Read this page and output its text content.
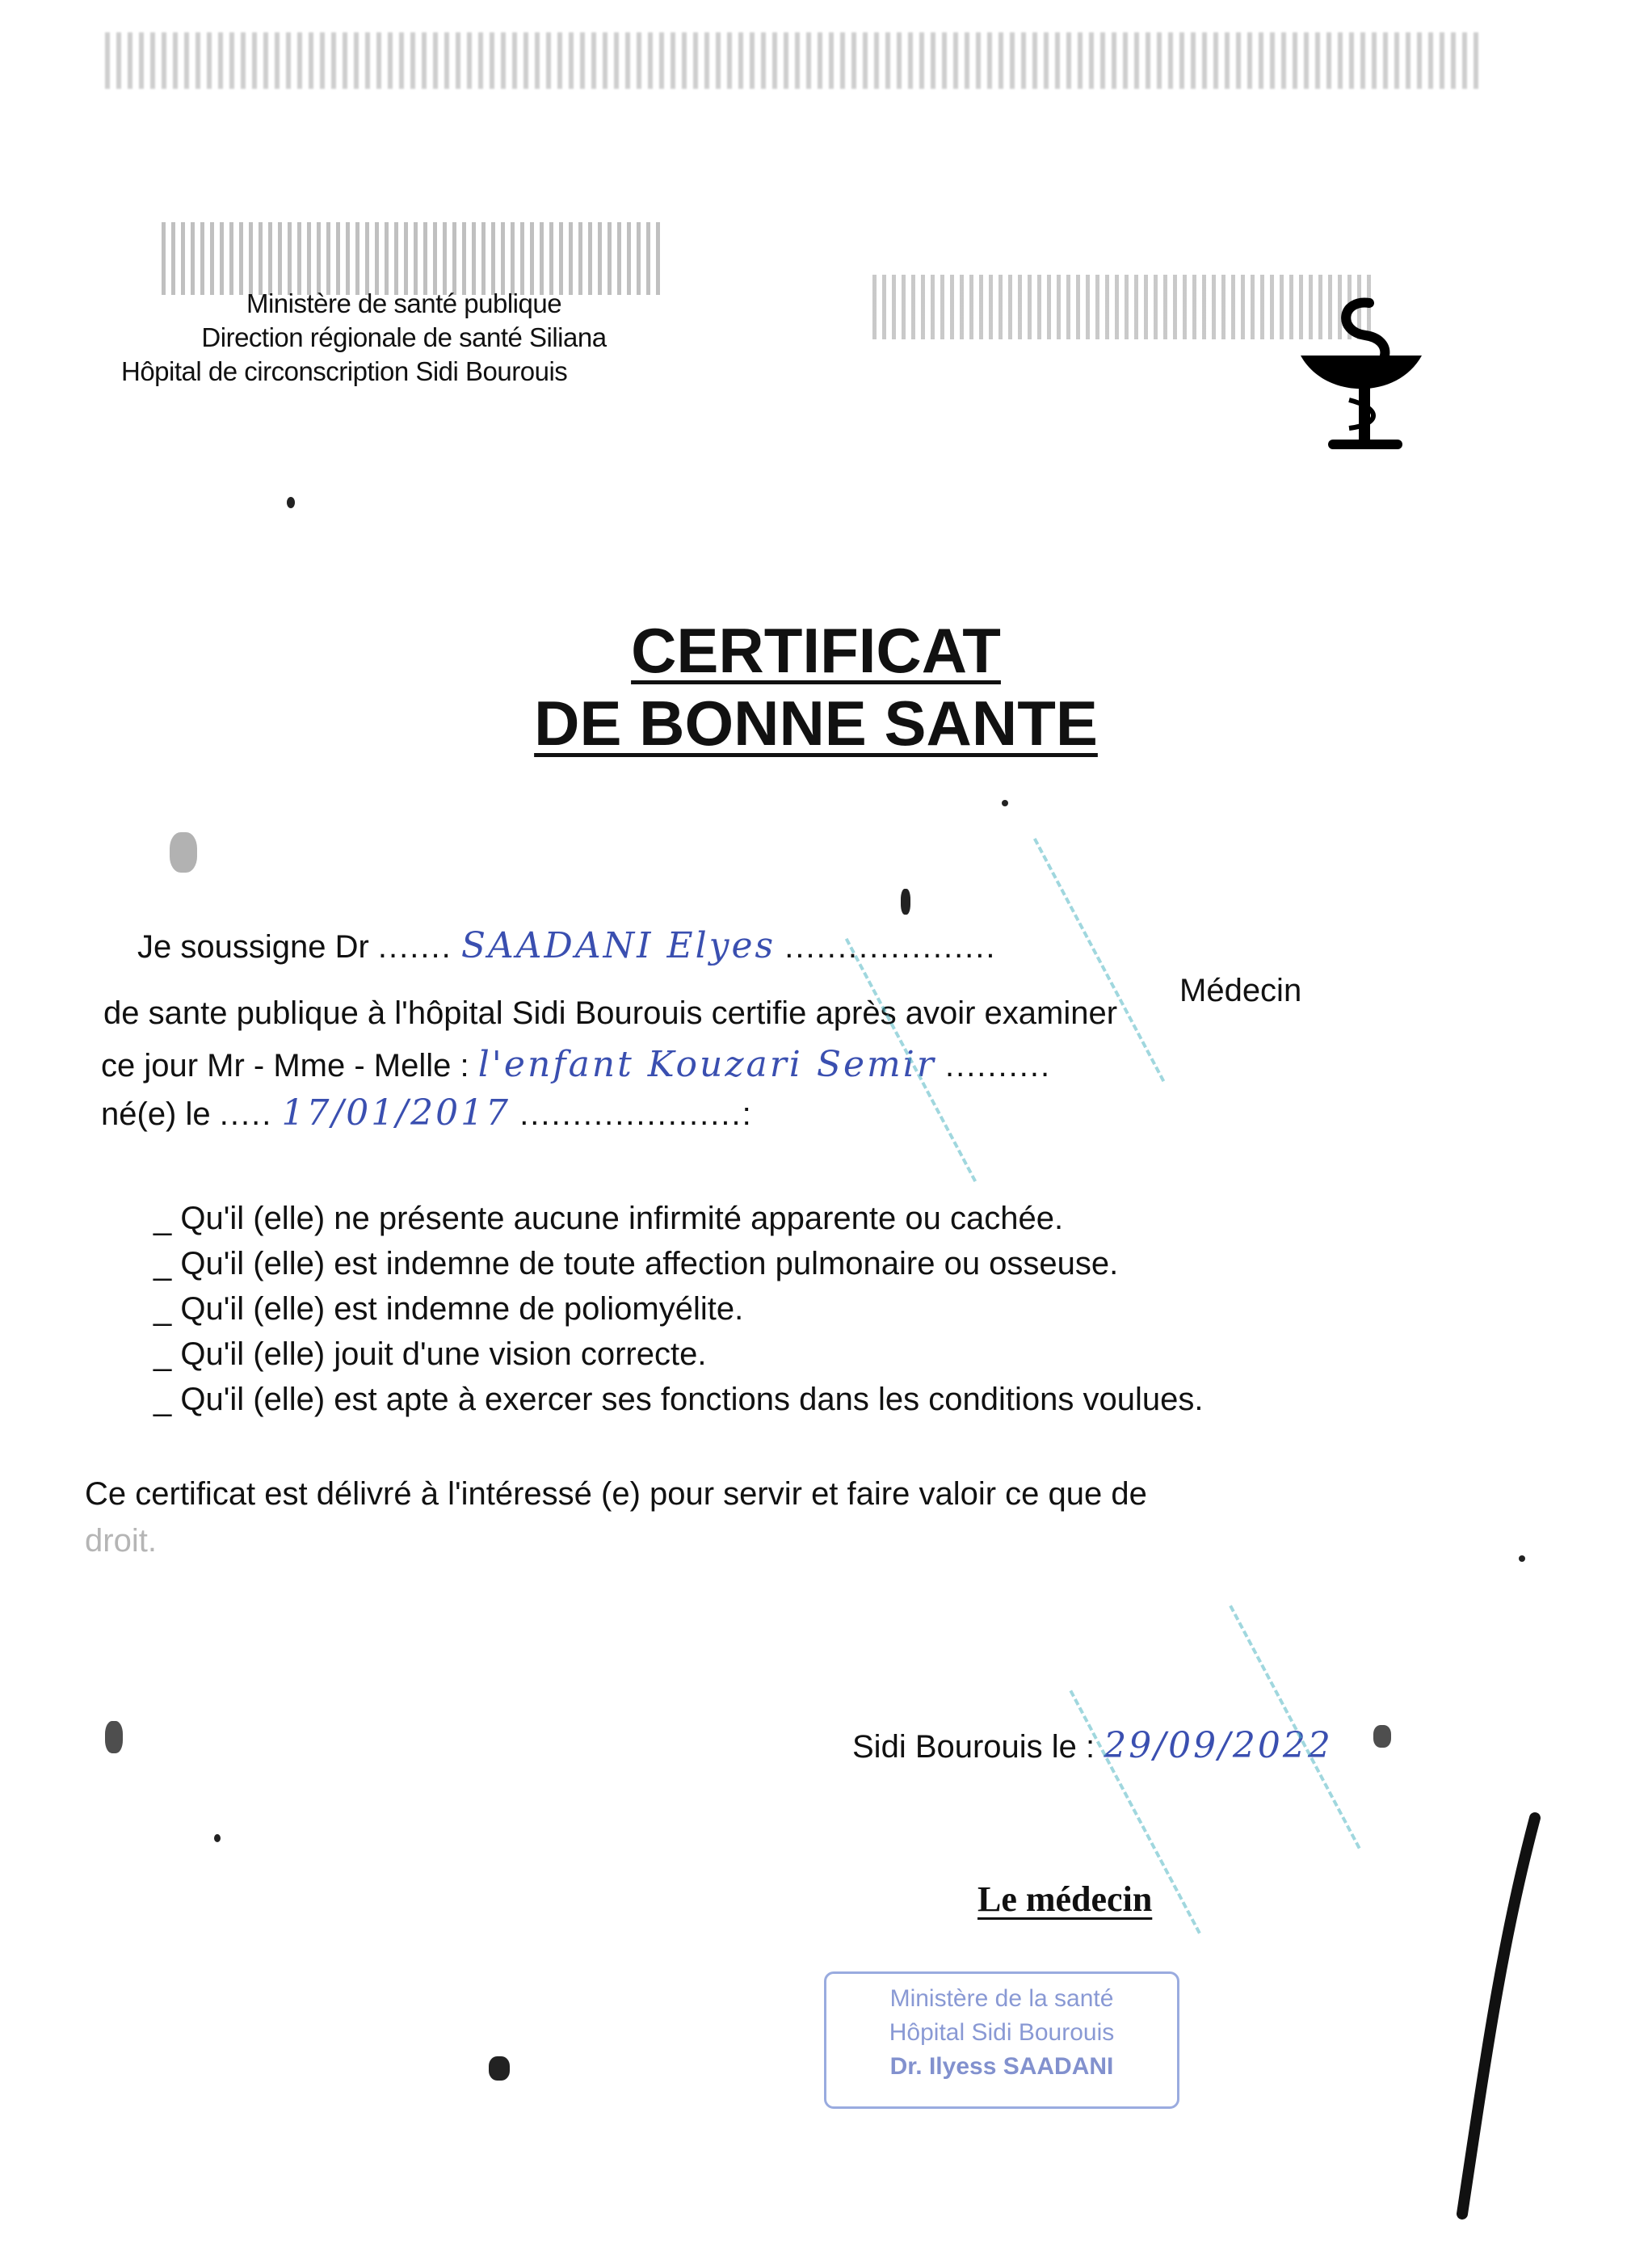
Ministère de santé publique
Direction régionale de santé Siliana
Hôpital de circonscription Sidi Bourouis
CERTIFICAT
DE BONNE SANTE
Je soussigne Dr ....... SAADANI Elyes ....................
Médecin
de sante publique à l'hôpital Sidi Bourouis certifie après avoir examiner
ce jour Mr - Mme - Melle : l'enfant Kouzari Semir ..........
né(e) le ..... 17/01/2017 .....................:
_ Qu'il (elle) ne présente aucune infirmité apparente ou cachée.
_ Qu'il (elle) est indemne de toute affection pulmonaire ou osseuse.
_ Qu'il (elle) est indemne de poliomyélite.
_ Qu'il (elle) jouit d'une vision correcte.
_ Qu'il (elle) est apte à exercer ses fonctions dans les conditions voulues.
Ce certificat est délivré à l'intéressé (e) pour servir et faire valoir ce que de
droit.
Sidi Bourouis le : 29/09/2022
Le médecin
Ministère de la santé
Hôpital Sidi Bourouis
Dr. Ilyess SAADANI
